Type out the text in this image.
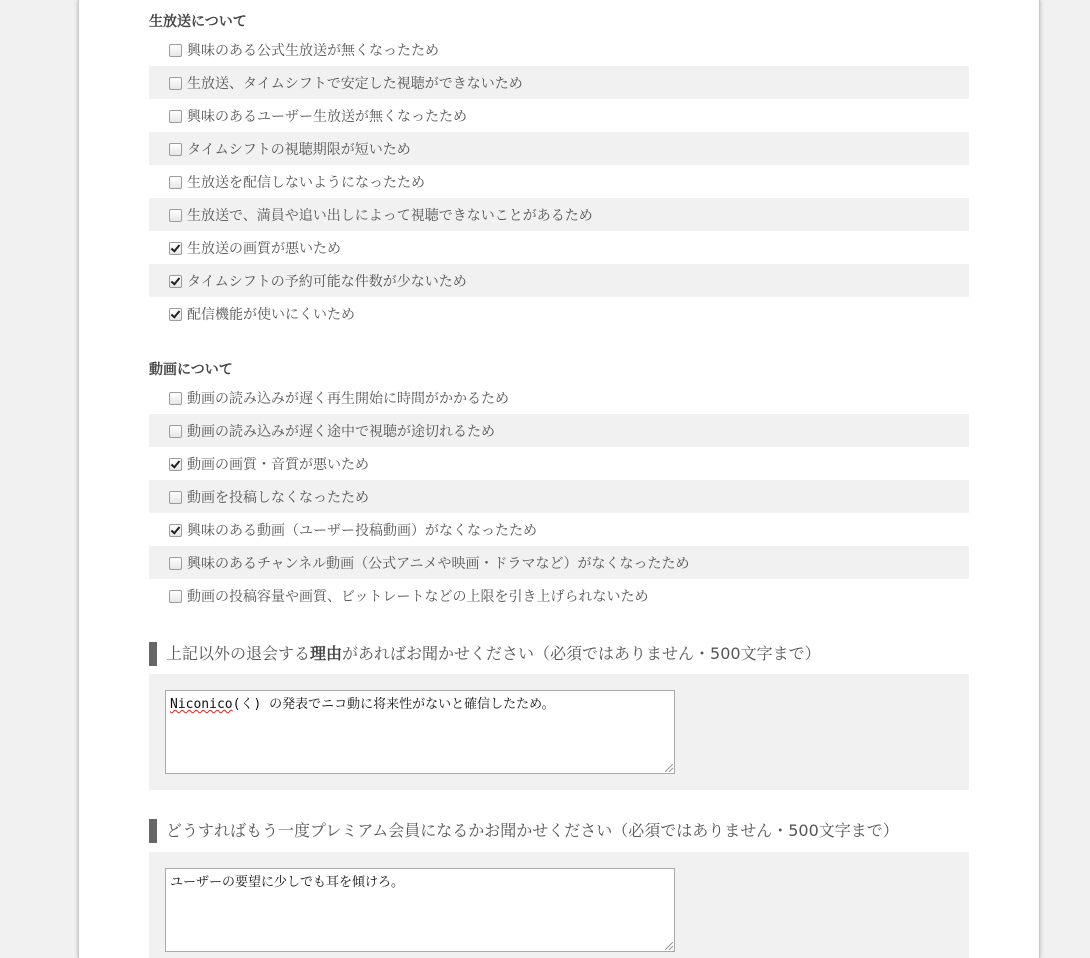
生放送について
興味のある公式生放送が無くなったため
生放送、タイムシフトで安定した視聴ができないため
興味のあるユーザー生放送が無くなったため
タイムシフトの視聴期限が短いため
生放送を配信しないようになったため
生放送で、満員や追い出しによって視聴できないことがあるため
生放送の画質が悪いため
タイムシフトの予約可能な件数が少ないため
配信機能が使いにくいため
動画について
動画の読み込みが遅く再生開始に時間がかかるため
動画の読み込みが遅く途中で視聴が途切れるため
動画の画質・音質が悪いため
動画を投稿しなくなったため
興味のある動画（ユーザー投稿動画）がなくなったため
興味のあるチャンネル動画（公式アニメや映画・ドラマなど）がなくなったため
動画の投稿容量や画質、ビットレートなどの上限を引き上げられないため
上記以外の退会する理由があればお聞かせください（必須ではありません・500文字まで）
Niconico(く) の発表でニコ動に将来性がないと確信したため。
どうすればもう一度プレミアム会員になるかお聞かせください（必須ではありません・500文字まで）
ユーザーの要望に少しでも耳を傾けろ。
